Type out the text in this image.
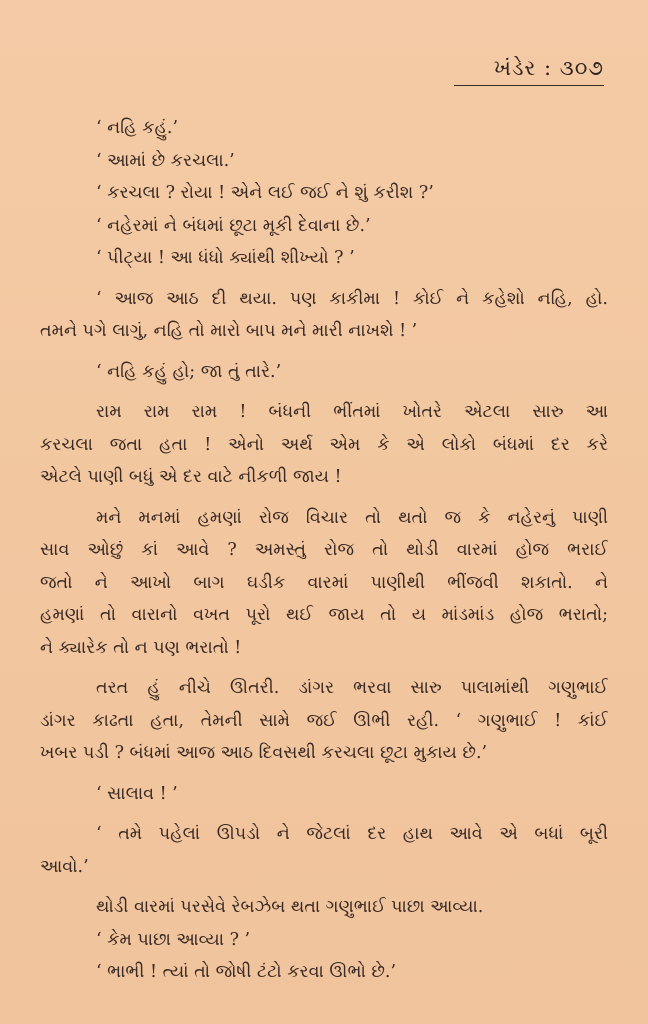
ખંડેર : ૩૦૭
‘ નહિ કહું.’
‘ આમાં છે કરચલા.’
‘ કરચલા ? રોયા ! એને લઈ જઈ ને શું કરીશ ?’
‘ નહેરમાં ને બંધમાં છૂટા મૂકી દેવાના છે.’
‘ પીટ્યા ! આ ધંધો ક્યાંથી શીખ્યો ? ’
‘ આજ આઠ દી થયા. પણ કાકીમા ! કોઈ ને કહેશો નહિ, હો.
તમને પગે લાગું, નહિ તો મારો બાપ મને મારી નાખશે ! ’
‘ નહિ કહું હો; જા તું તારે.’
રામ રામ રામ ! બંધની ભીંતમાં ખોતરે એટલા સારુ આ
કરચલા જતા હતા ! એનો અર્થ એમ કે એ લોકો બંધમાં દર કરે
એટલે પાણી બધું એ દર વાટે નીકળી જાય !
મને મનમાં હમણાં રોજ વિચાર તો થતો જ કે નહેરનું પાણી
સાવ ઓછું કાં આવે ? અમસ્તું રોજ તો થોડી વારમાં હોજ ભરાઈ
જતો ને આખો બાગ ઘડીક વારમાં પાણીથી ભીંજવી શકાતો. ને
હમણાં તો વારાનો વખત પૂરો થઈ જાય તો ય માંડમાંડ હોજ ભરાતો;
ને ક્યારેક તો ન પણ ભરાતો !
તરત હું નીચે ઊતરી. ડાંગર ભરવા સારુ પાલામાંથી ગણુભાઈ
ડાંગર કાઢતા હતા, તેમની સામે જઈ ઊભી રહી. ‘ ગણુભાઈ ! કાંઈ
ખબર પડી ? બંધમાં આજ આઠ દિવસથી કરચલા છૂટા મુકાય છે.’
‘ સાલાવ ! ’
‘ તમે પહેલાં ઊપડો ને જેટલાં દર હાથ આવે એ બધાં બૂરી
આવો.’
થોડી વારમાં પરસેવે રેબઝેબ થતા ગણુભાઈ પાછા આવ્યા.
‘ કેમ પાછા આવ્યા ? ’
‘ ભાભી ! ત્યાં તો જોષી ટંટો કરવા ઊભો છે.’
